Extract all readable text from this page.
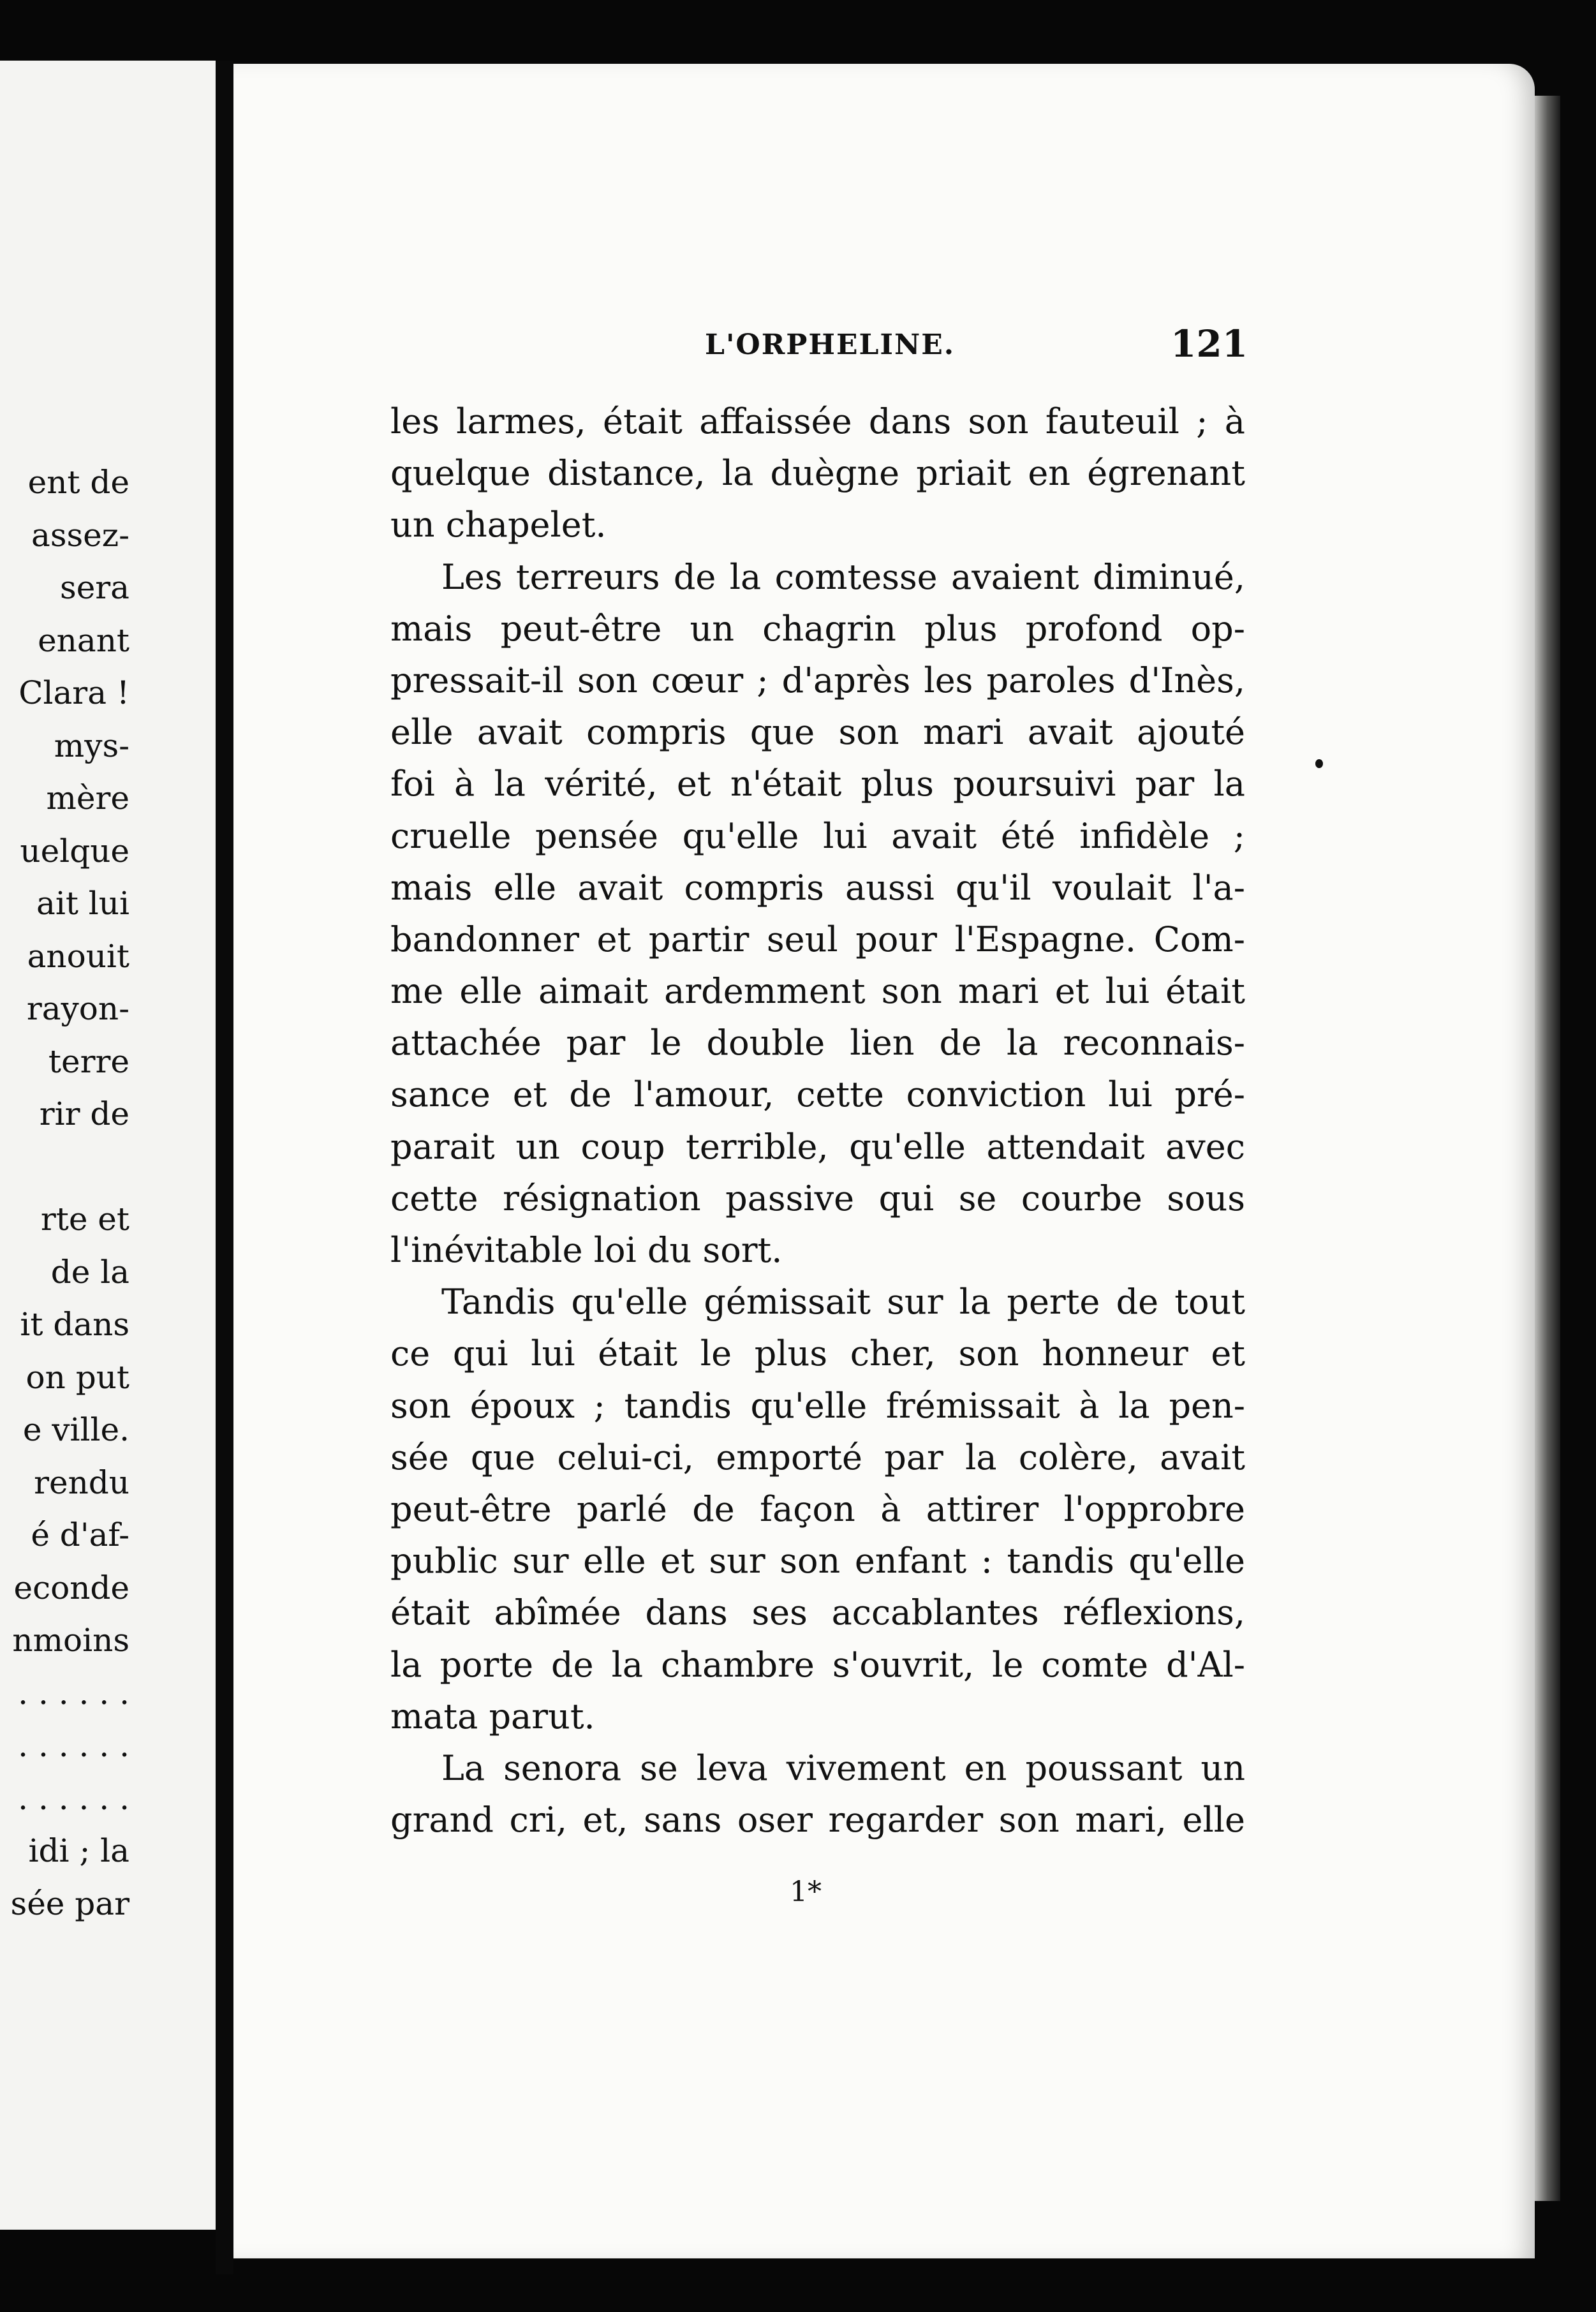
ent de
assez-
sera
enant
Clara !
mys-
mère
uelque
ait lui
anouit
rayon-
terre
rir de
rte et
de la
it dans
on put
e ville.
rendu
é d'af-
econde
nmoins
. . . . . .
. . . . . .
. . . . . .
idi ; la
sée par
L'ORPHELINE.	121
les larmes, était affaissée dans son fauteuil ; à
quelque distance, la duègne priait en égrenant
un chapelet.
Les terreurs de la comtesse avaient diminué,
mais peut-être un chagrin plus profond op-
pressait-il son cœur ; d'après les paroles d'Inès,
elle avait compris que son mari avait ajouté
foi à la vérité, et n'était plus poursuivi par la
cruelle pensée qu'elle lui avait été infidèle ;
mais elle avait compris aussi qu'il voulait l'a-
bandonner et partir seul pour l'Espagne. Com-
me elle aimait ardemment son mari et lui était
attachée par le double lien de la reconnais-
sance et de l'amour, cette conviction lui pré-
parait un coup terrible, qu'elle attendait avec
cette résignation passive qui se courbe sous
l'inévitable loi du sort.
Tandis qu'elle gémissait sur la perte de tout
ce qui lui était le plus cher, son honneur et
son époux ; tandis qu'elle frémissait à la pen-
sée que celui-ci, emporté par la colère, avait
peut-être parlé de façon à attirer l'opprobre
public sur elle et sur son enfant : tandis qu'elle
était abîmée dans ses accablantes réflexions,
la porte de la chambre s'ouvrit, le comte d'Al-
mata parut.
La senora se leva vivement en poussant un
grand cri, et, sans oser regarder son mari, elle
1*
